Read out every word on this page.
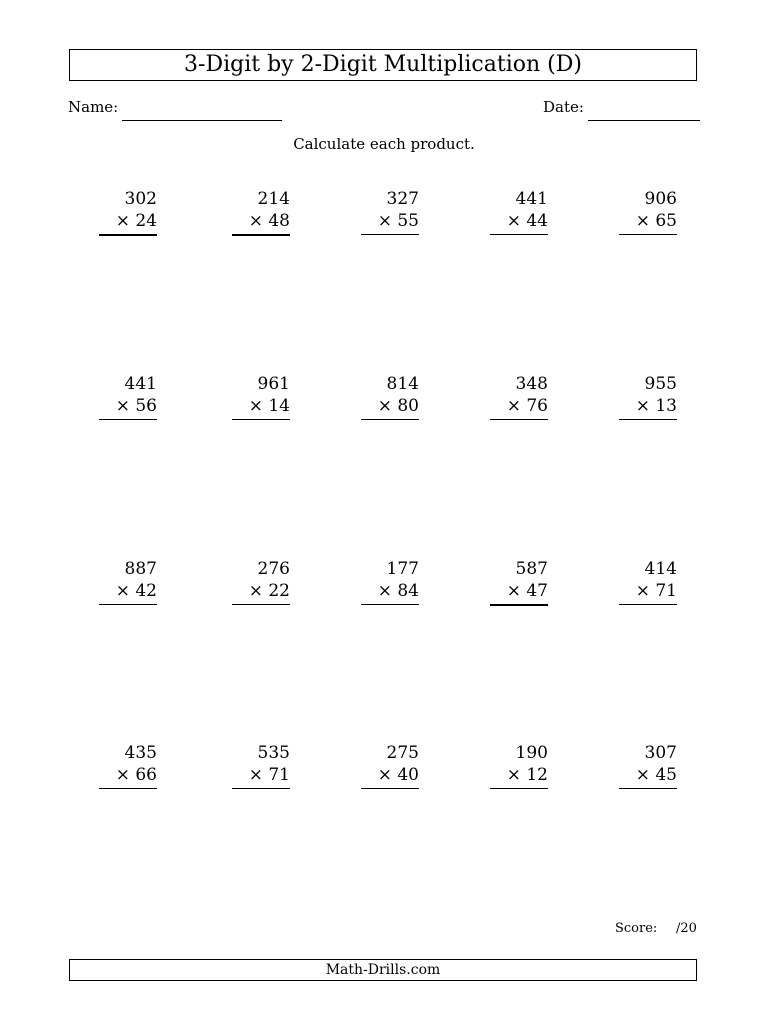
3-Digit by 2-Digit Multiplication (D)
Name:	Date:
Calculate each product.
302
× 24
214
× 48
327
× 55
441
× 44
906
× 65
441
× 56
961
× 14
814
× 80
348
× 76
955
× 13
887
× 42
276
× 22
177
× 84
587
× 47
414
× 71
435
× 66
535
× 71
275
× 40
190
× 12
307
× 45
Score: /20
Math-Drills.com
